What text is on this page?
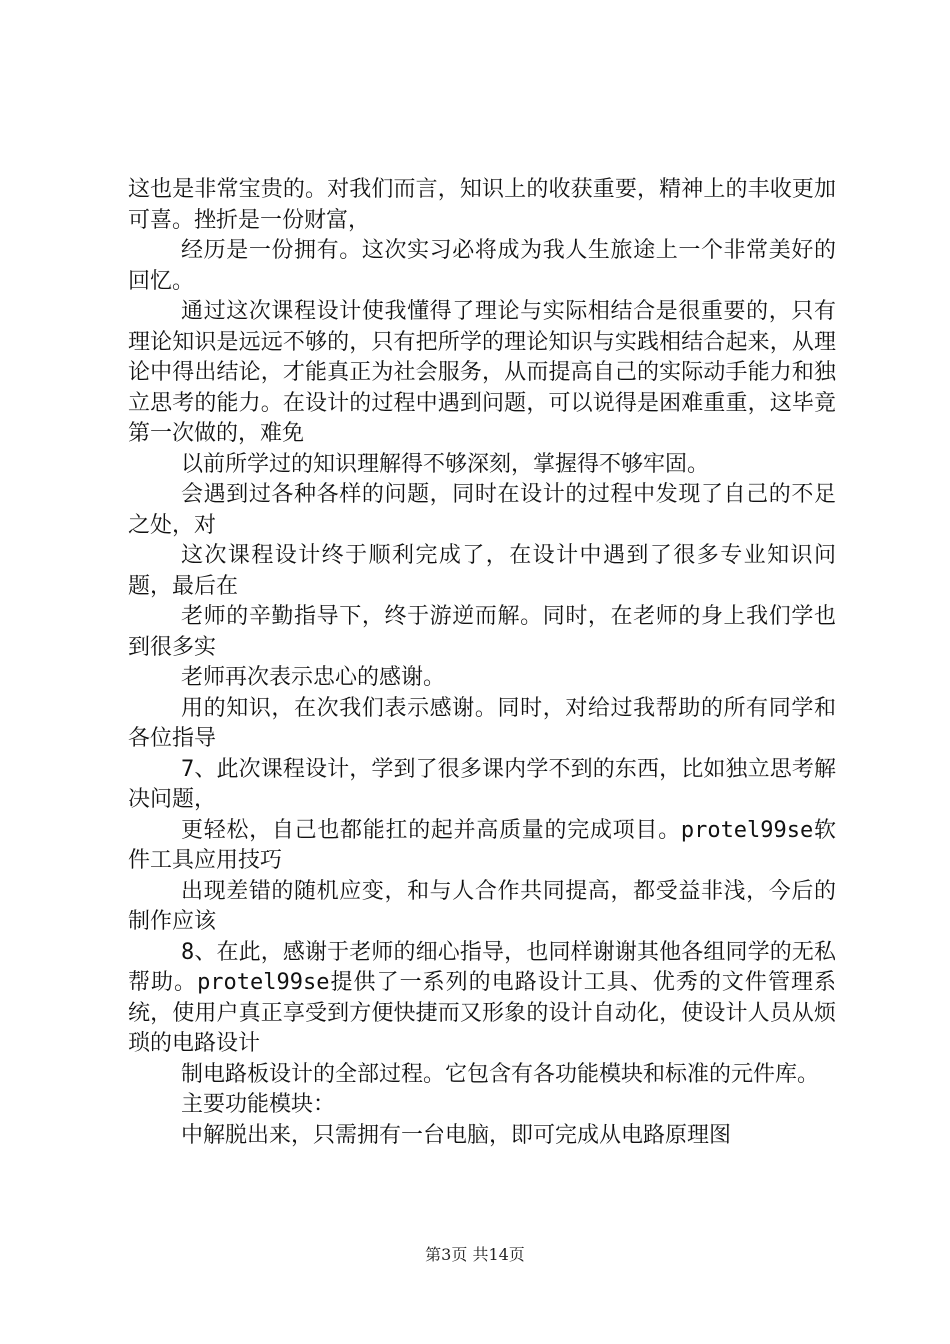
这也是非常宝贵的。对我们而言，知识上的收获重要，精神上的丰收更加可喜。挫折是一份财富，

经历是一份拥有。这次实习必将成为我人生旅途上一个非常美好的回忆。

通过这次课程设计使我懂得了理论与实际相结合是很重要的，只有理论知识是远远不够的，只有把所学的理论知识与实践相结合起来，从理论中得出结论，才能真正为社会服务，从而提高自己的实际动手能力和独立思考的能力。在设计的过程中遇到问题，可以说得是困难重重，这毕竟第一次做的，难免

以前所学过的知识理解得不够深刻，掌握得不够牢固。

会遇到过各种各样的问题，同时在设计的过程中发现了自己的不足之处，对

这次课程设计终于顺利完成了，在设计中遇到了很多专业知识问题，最后在

老师的辛勤指导下，终于游逆而解。同时，在老师的身上我们学也到很多实

老师再次表示忠心的感谢。

用的知识，在次我们表示感谢。同时，对给过我帮助的所有同学和各位指导

7、此次课程设计，学到了很多课内学不到的东西，比如独立思考解决问题，

更轻松，自己也都能扛的起并高质量的完成项目。protel99se软件工具应用技巧

出现差错的随机应变，和与人合作共同提高，都受益非浅，今后的制作应该

8、在此，感谢于老师的细心指导，也同样谢谢其他各组同学的无私帮助。protel99se提供了一系列的电路设计工具、优秀的文件管理系统，使用户真正享受到方便快捷而又形象的设计自动化，使设计人员从烦琐的电路设计

制电路板设计的全部过程。它包含有各功能模块和标准的元件库。

主要功能模块：

中解脱出来，只需拥有一台电脑，即可完成从电路原理图

第3页 共14页
